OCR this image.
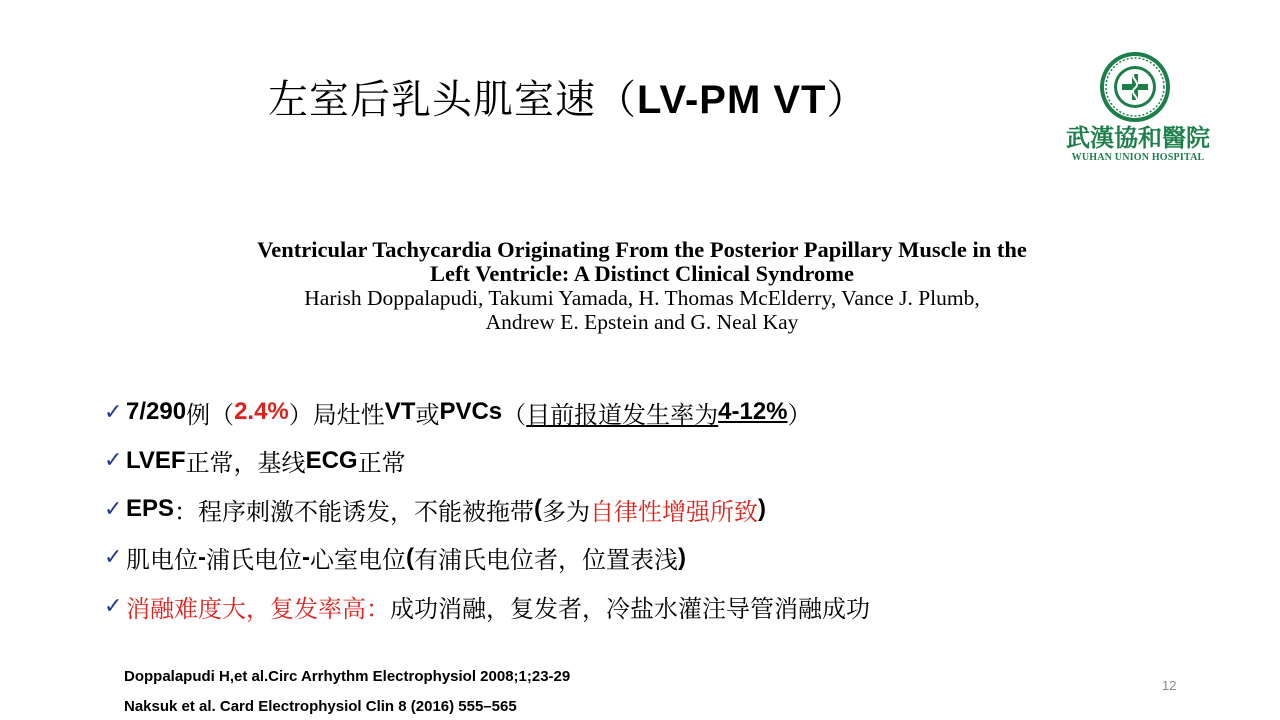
左室后乳头肌室速（LV-PM VT）
武漢協和醫院
WUHAN UNION HOSPITAL
Ventricular Tachycardia Originating From the Posterior Papillary Muscle in the
Left Ventricle: A Distinct Clinical Syndrome
Harish Doppalapudi, Takumi Yamada, H. Thomas McElderry, Vance J. Plumb,
Andrew E. Epstein and G. Neal Kay
✓ 7/290 例（ 2.4% ）局灶性 VT 或 PVCs （ 目前报道发生率为 4-12% ）
✓ LVEF 正常，基线 ECG 正常
✓ EPS ：程序刺激不能诱发，不能被拖带 ( 多为 自律性增强所致 )
✓ 肌电位 - 浦氏电位 - 心室电位 ( 有浦氏电位者，位置表浅 )
✓ 消融难度大，复发率高： 成功消融，复发者，冷盐水灌注导管消融成功
Doppalapudi H,et al.Circ Arrhythm Electrophysiol 2008;1;23-29
Naksuk et al. Card Electrophysiol Clin 8 (2016) 555–565
12
